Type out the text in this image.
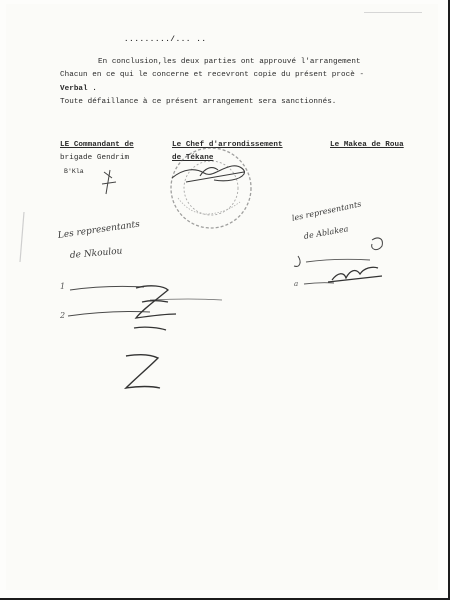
........./... ..
En conclusion,les deux parties ont approuvé l'arrangement
Chacun en ce qui le concerne et recevront copie du présent procè -
Verbal .
Toute défaillance à ce présent arrangement sera sanctionnés.
LE Commandant de
brigade Gendrim
B'Kla
Le Chef d'arrondissement
de Tékane
Le Makea de Roua
Les representants
de Nkoulou
les representants
de Ablakea
1
2
a
